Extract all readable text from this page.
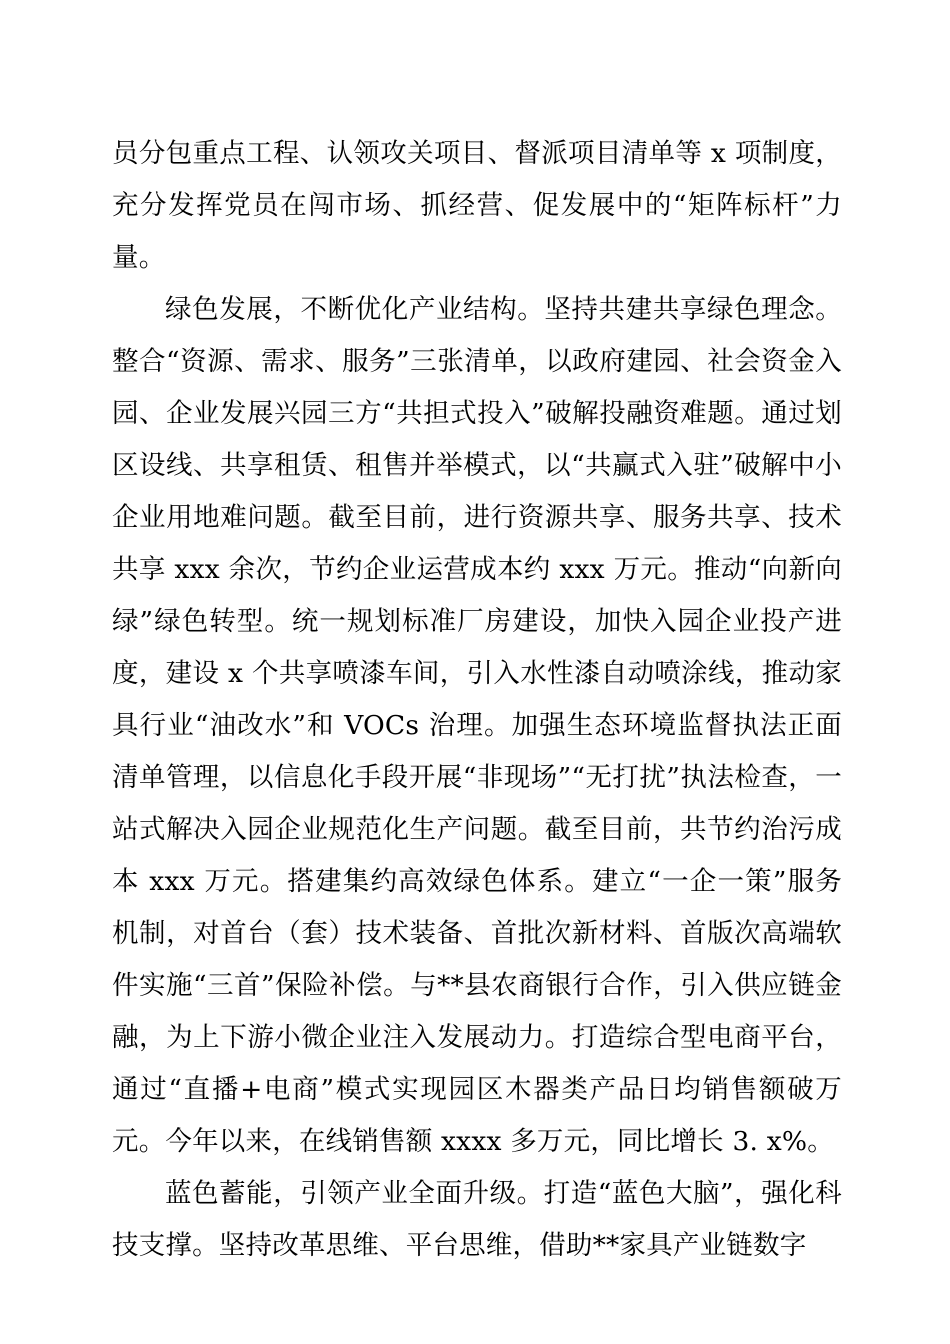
员分包重点工程、认领攻关项目、督派项目清单等 x 项制度，充分发挥党员在闯市场、抓经营、促发展中的“矩阵标杆”力量。

绿色发展，不断优化产业结构。坚持共建共享绿色理念。整合“资源、需求、服务”三张清单，以政府建园、社会资金入园、企业发展兴园三方“共担式投入”破解投融资难题。通过划区设线、共享租赁、租售并举模式，以“共赢式入驻”破解中小企业用地难问题。截至目前，进行资源共享、服务共享、技术共享 xxx 余次，节约企业运营成本约 xxx 万元。推动“向新向绿”绿色转型。统一规划标准厂房建设，加快入园企业投产进度，建设 x 个共享喷漆车间，引入水性漆自动喷涂线，推动家具行业“油改水”和 VOCs 治理。加强生态环境监督执法正面清单管理，以信息化手段开展“非现场”“无打扰”执法检查，一站式解决入园企业规范化生产问题。截至目前，共节约治污成本 xxx 万元。搭建集约高效绿色体系。建立“一企一策”服务机制，对首台（套）技术装备、首批次新材料、首版次高端软件实施“三首”保险补偿。与**县农商银行合作，引入供应链金融，为上下游小微企业注入发展动力。打造综合型电商平台，通过“直播+电商”模式实现园区木器类产品日均销售额破万元。今年以来，在线销售额 xxxx 多万元，同比增长 3. x%。

蓝色蓄能，引领产业全面升级。打造“蓝色大脑”，强化科技支撑。坚持改革思维、平台思维，借助**家具产业链数字
